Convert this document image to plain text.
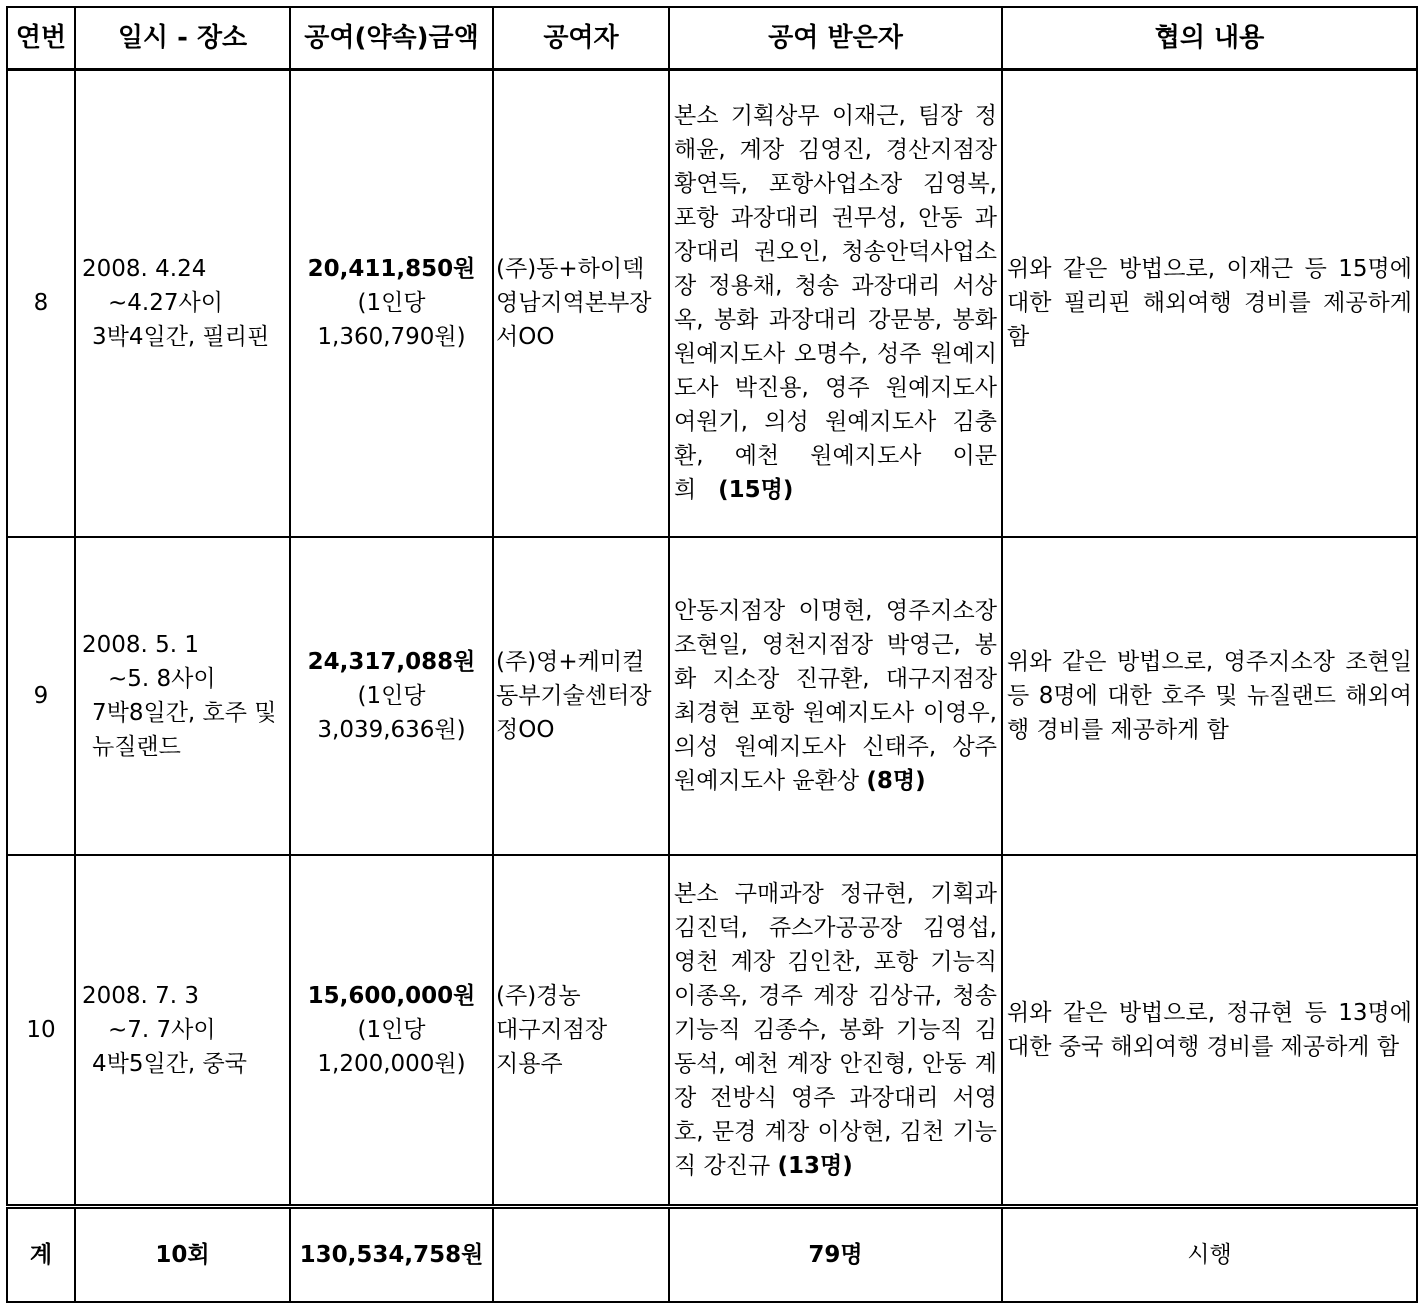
연번	일시 - 장소	공여(약속)금액	공여자	공여 받은자	협의 내용
8	2008. 4.24
~4.27사이
3박4일간, 필리핀	20,411,850원
(1인당
1,360,790원)	(주)동+하이덱
영남지역본부장
서OO	본소 기획상무 이재근, 팀장 정해윤, 계장 김영진, 경산지점장 황연득, 포항사업소장 김영복, 포항 과장대리 권무성, 안동 과장대리 권오인, 청송안덕사업소장 정용채, 청송 과장대리 서상옥, 봉화 과장대리 강문봉, 봉화 원예지도사 오명수, 성주 원예지도사 박진용, 영주 원예지도사 여원기, 의성 원예지도사 김충환, 예천 원예지도사 이문희 (15명)	위와 같은 방법으로, 이재근 등 15명에 대한 필리핀 해외여행 경비를 제공하게 함
9	2008. 5. 1
~5. 8사이
7박8일간, 호주 및 뉴질랜드	24,317,088원
(1인당
3,039,636원)	(주)영+케미컬
동부기술센터장
정OO	안동지점장 이명현, 영주지소장 조현일, 영천지점장 박영근, 봉화 지소장 진규환, 대구지점장 최경현 포항 원예지도사 이영우, 의성 원예지도사 신태주, 상주 원예지도사 윤환상 (8명)	위와 같은 방법으로, 영주지소장 조현일 등 8명에 대한 호주 및 뉴질랜드 해외여행 경비를 제공하게 함
10	2008. 7. 3
~7. 7사이
4박5일간, 중국	15,600,000원
(1인당
1,200,000원)	(주)경농
대구지점장
지용주	본소 구매과장 정규현, 기획과 김진덕, 쥬스가공공장 김영섭, 영천 계장 김인찬, 포항 기능직 이종옥, 경주 계장 김상규, 청송 기능직 김종수, 봉화 기능직 김동석, 예천 계장 안진형, 안동 계장 전방식 영주 과장대리 서영호, 문경 계장 이상현, 김천 기능직 강진규 (13명)	위와 같은 방법으로, 정규현 등 13명에 대한 중국 해외여행 경비를 제공하게 함
계	10회	130,534,758원		79명	시행
